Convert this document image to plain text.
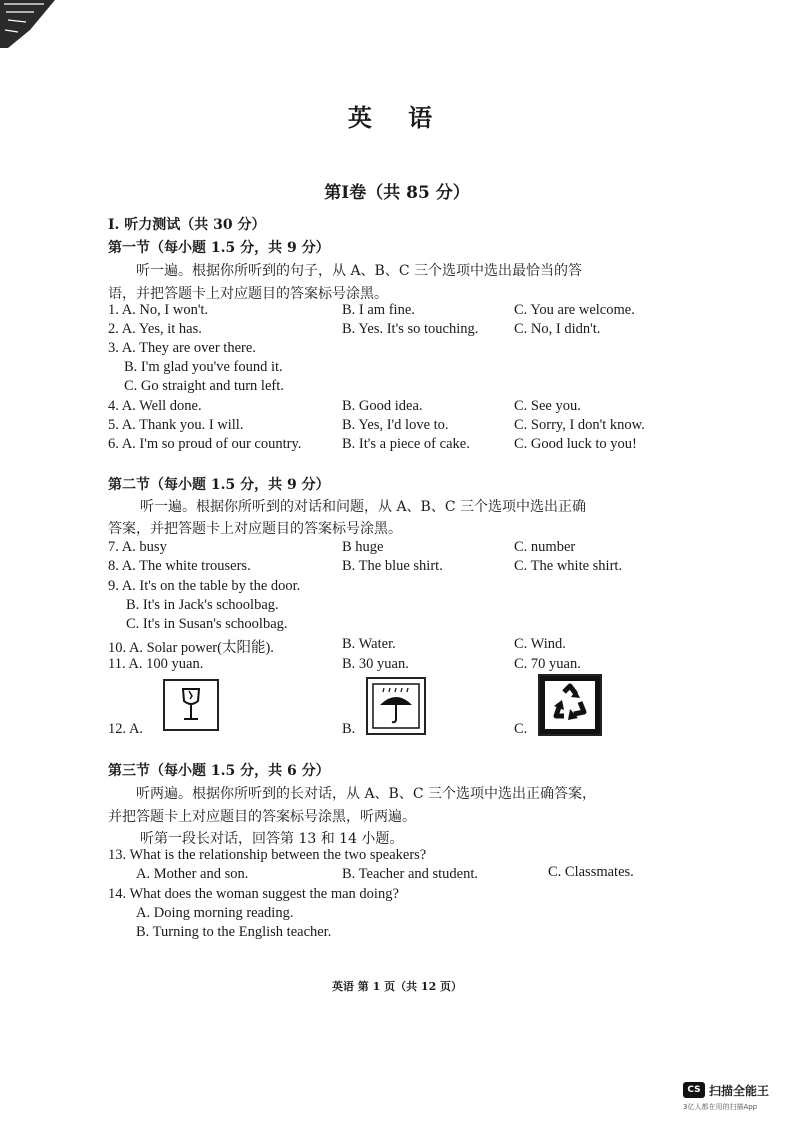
英 语
第Ⅰ卷（共 85 分）
I. 听力测试（共 30 分）
第一节（每小题 1.5 分，共 9 分）
听一遍。根据你所听到的句子，从 A、B、C 三个选项中选出最恰当的答
语，并把答题卡上对应题目的答案标号涂黑。
1. A. No, I won't.	B. I am fine.	C. You are welcome.
2. A. Yes, it has.	B. Yes. It's so touching. C. No, I didn't.
3. A. They are over there.
B. I'm glad you've found it.
C. Go straight and turn left.
4. A. Well done.	B. Good idea.	C. See you.
5. A. Thank you. I will.	B. Yes, I'd love to.	C. Sorry, I don't know.
6. A. I'm so proud of our country.	B. It's a piece of cake.	C. Good luck to you!
第二节（每小题 1.5 分，共 9 分）
听一遍。根据你所听到的对话和问题，从 A、B、C 三个选项中选出正确
答案，并把答题卡上对应题目的答案标号涂黑。
7. A. busy	B huge	C. number
8. A. The white trousers.	B. The blue shirt.	C. The white shirt.
9. A. It's on the table by the door.
B. It's in Jack's schoolbag.
C. It's in Susan's schoolbag.
10. A. Solar power(太阳能).	B. Water.	C. Wind.
11. A. 100 yuan.	B. 30 yuan.	C. 70 yuan.
12. A.	B.	C.
第三节（每小题 1.5 分，共 6 分）
听两遍。根据你所听到的长对话，从 A、B、C 三个选项中选出正确答案，
并把答题卡上对应题目的答案标号涂黑，听两遍。
听第一段长对话，回答第 13 和 14 小题。
13. What is the relationship between the two speakers?
A. Mother and son.	B. Teacher and student.	C. Classmates.
14. What does the woman suggest the man doing?
A. Doing morning reading.
B. Turning to the English teacher.
英语 第 1 页（共 12 页）
CS 扫描全能王
3亿人都在用的扫描App
